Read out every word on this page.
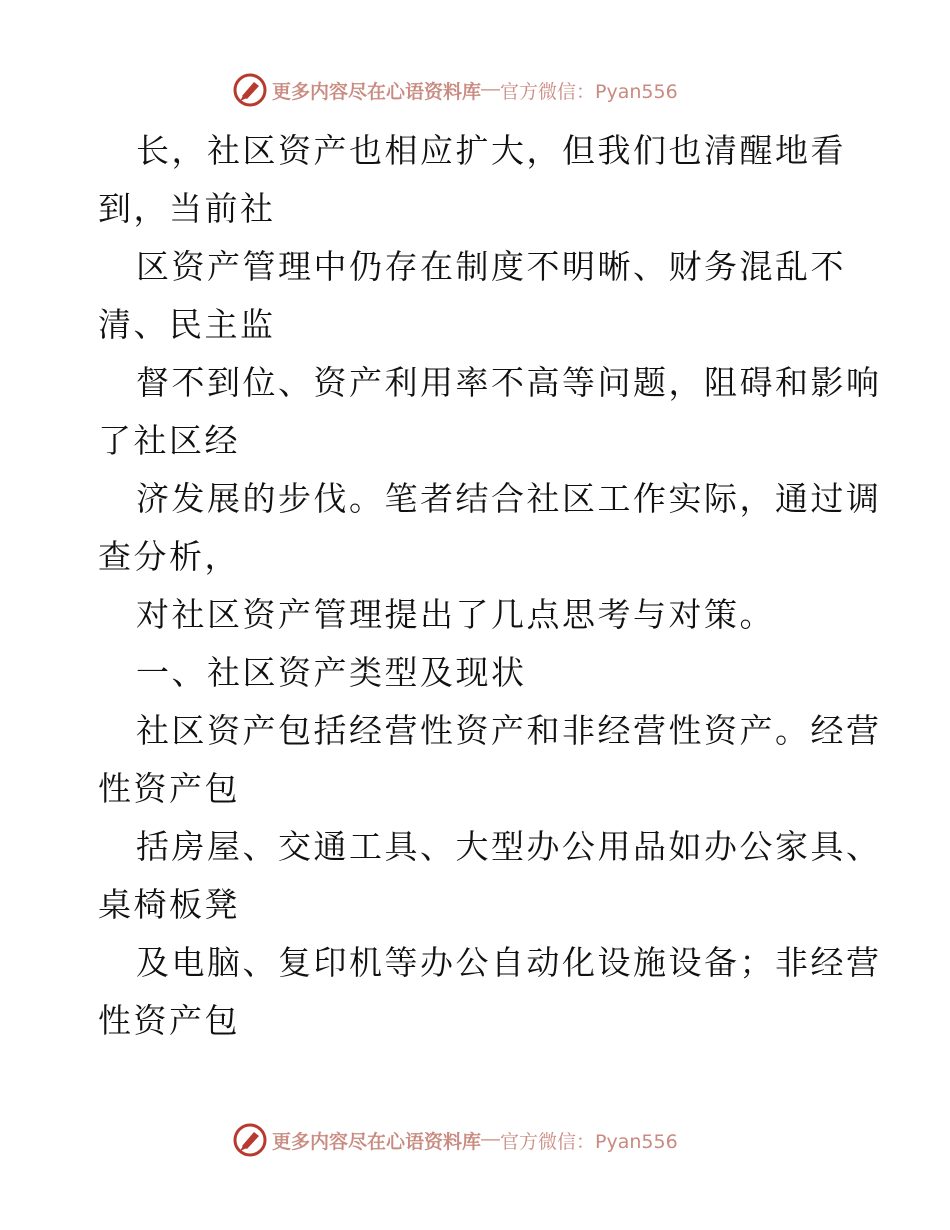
更多内容尽在心语资料库 — 官方微信：Pyan556
长，社区资产也相应扩大，但我们也清醒地看
到，当前社
区资产管理中仍存在制度不明晰、财务混乱不
清、民主监
督不到位、资产利用率不高等问题，阻碍和影响
了社区经
济发展的步伐。笔者结合社区工作实际，通过调
查分析，
对社区资产管理提出了几点思考与对策。
一、社区资产类型及现状
社区资产包括经营性资产和非经营性资产。经营
性资产包
括房屋、交通工具、大型办公用品如办公家具、
桌椅板凳
及电脑、复印机等办公自动化设施设备；非经营
性资产包
更多内容尽在心语资料库 — 官方微信：Pyan556
